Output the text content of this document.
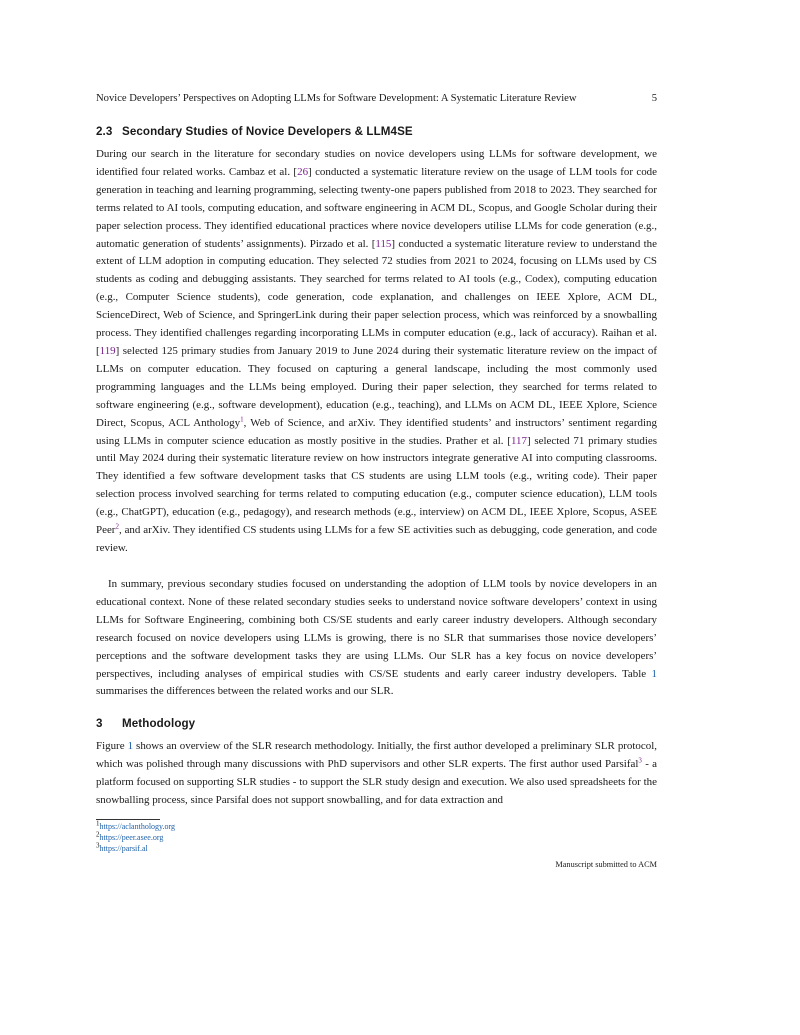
Novice Developers’ Perspectives on Adopting LLMs for Software Development: A Systematic Literature Review	5
2.3 Secondary Studies of Novice Developers & LLM4SE

During our search in the literature for secondary studies on novice developers using LLMs for software development, we identified four related works. Cambaz et al. [26] conducted a systematic literature review on the usage of LLM tools for code generation in teaching and learning programming, selecting twenty-one papers published from 2018 to 2023. They searched for terms related to AI tools, computing education, and software engineering in ACM DL, Scopus, and Google Scholar during their paper selection process. They identified educational practices where novice developers utilise LLMs for code generation (e.g., automatic generation of students’ assignments). Pirzado et al. [115] conducted a systematic literature review to understand the extent of LLM adoption in computing education. They selected 72 studies from 2021 to 2024, focusing on LLMs used by CS students as coding and debugging assistants. They searched for terms related to AI tools (e.g., Codex), computing education (e.g., Computer Science students), code generation, code explanation, and challenges on IEEE Xplore, ACM DL, ScienceDirect, Web of Science, and SpringerLink during their paper selection process, which was reinforced by a snowballing process. They identified challenges regarding incorporating LLMs in computer education (e.g., lack of accuracy). Raihan et al. [119] selected 125 primary studies from January 2019 to June 2024 during their systematic literature review on the impact of LLMs on computer education. They focused on capturing a general landscape, including the most commonly used programming languages and the LLMs being employed. During their paper selection, they searched for terms related to software engineering (e.g., software development), education (e.g., teaching), and LLMs on ACM DL, IEEE Xplore, Science Direct, Scopus, ACL Anthology$^1$, Web of Science, and arXiv. They identified students’ and instructors’ sentiment regarding using LLMs in computer science education as mostly positive in the studies. Prather et al. [117] selected 71 primary studies until May 2024 during their systematic literature review on how instructors integrate generative AI into computing classrooms. They identified a few software development tasks that CS students are using LLM tools (e.g., writing code). Their paper selection process involved searching for terms related to computing education (e.g., computer science education), LLM tools (e.g., ChatGPT), education (e.g., pedagogy), and research methods (e.g., interview) on ACM DL, IEEE Xplore, Scopus, ASEE Peer$^2$, and arXiv. They identified CS students using LLMs for a few SE activities such as debugging, code generation, and code review.

In summary, previous secondary studies focused on understanding the adoption of LLM tools by novice developers in an educational context. None of these related secondary studies seeks to understand novice software developers’ context in using LLMs for Software Engineering, combining both CS/SE students and early career industry developers. Although secondary research focused on novice developers using LLMs is growing, there is no SLR that summarises those novice developers’ perceptions and the software development tasks they are using LLMs. Our SLR has a key focus on novice developers’ perspectives, including analyses of empirical studies with CS/SE students and early career industry developers. Table 1 summarises the differences between the related works and our SLR.

3 Methodology

Figure 1 shows an overview of the SLR research methodology. Initially, the first author developed a preliminary SLR protocol, which was polished through many discussions with PhD supervisors and other SLR experts. The first author used Parsifal$^3$ - a platform focused on supporting SLR studies - to support the SLR study design and execution. We also used spreadsheets for the snowballing process, since Parsifal does not support snowballing, and for data extraction and

$^1$https://aclanthology.org
$^2$https://peer.asee.org
$^3$https://parsif.al
Manuscript submitted to ACM
